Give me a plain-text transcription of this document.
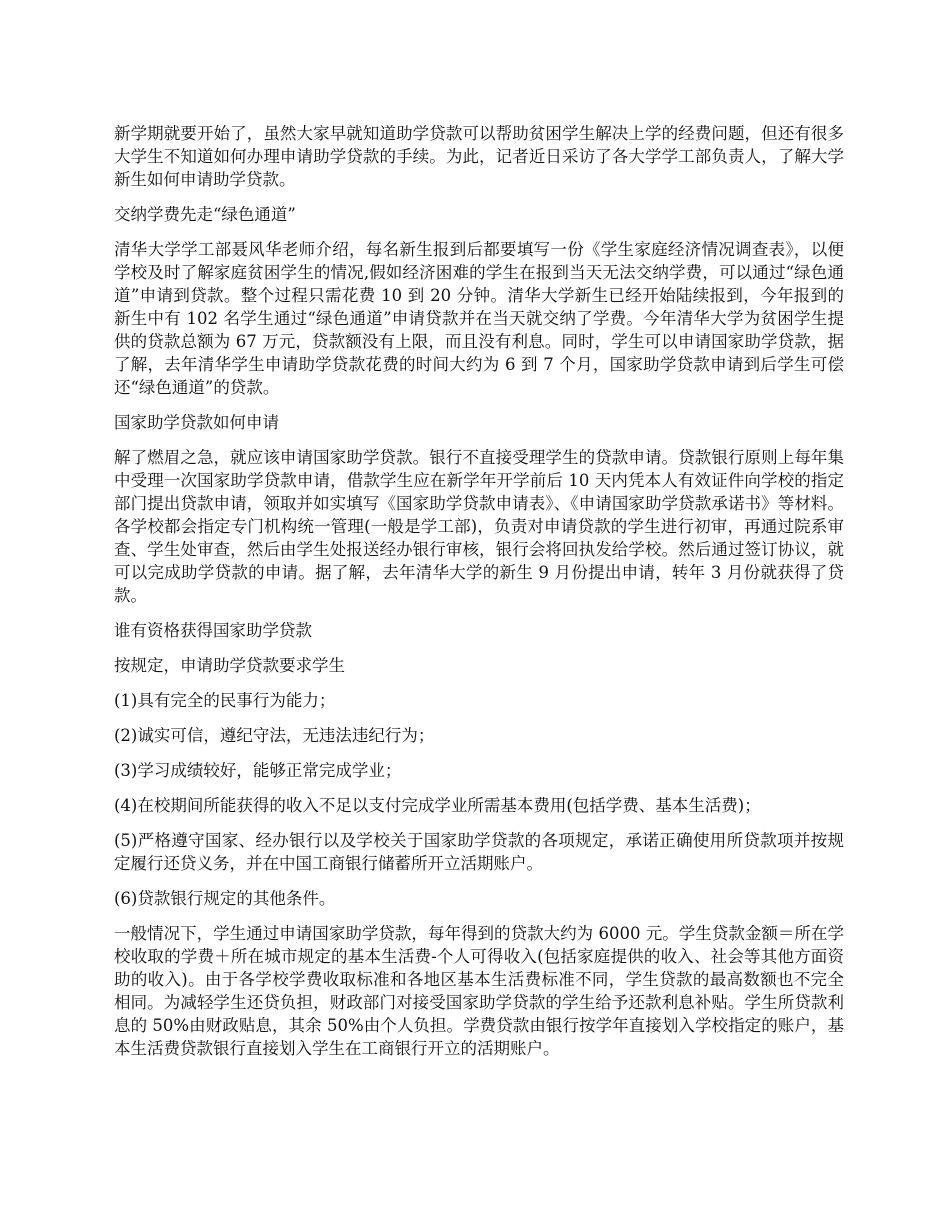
新学期就要开始了，虽然大家早就知道助学贷款可以帮助贫困学生解决上学的经费问题，但还有很多大学生不知道如何办理申请助学贷款的手续。为此，记者近日采访了各大学学工部负责人，了解大学新生如何申请助学贷款。

交纳学费先走“绿色通道”

清华大学学工部聂风华老师介绍，每名新生报到后都要填写一份《学生家庭经济情况调查表》，以便学校及时了解家庭贫困学生的情况,假如经济困难的学生在报到当天无法交纳学费，可以通过“绿色通道”申请到贷款。整个过程只需花费 10 到 20 分钟。清华大学新生已经开始陆续报到，今年报到的新生中有 102 名学生通过“绿色通道”申请贷款并在当天就交纳了学费。今年清华大学为贫困学生提供的贷款总额为 67 万元，贷款额没有上限，而且没有利息。同时，学生可以申请国家助学贷款，据了解，去年清华学生申请助学贷款花费的时间大约为 6 到 7 个月，国家助学贷款申请到后学生可偿还“绿色通道”的贷款。

国家助学贷款如何申请

解了燃眉之急，就应该申请国家助学贷款。银行不直接受理学生的贷款申请。贷款银行原则上每年集中受理一次国家助学贷款申请，借款学生应在新学年开学前后 10 天内凭本人有效证件向学校的指定部门提出贷款申请，领取并如实填写《国家助学贷款申请表》、《申请国家助学贷款承诺书》等材料。各学校都会指定专门机构统一管理(一般是学工部)，负责对申请贷款的学生进行初审，再通过院系审查、学生处审查，然后由学生处报送经办银行审核，银行会将回执发给学校。然后通过签订协议，就可以完成助学贷款的申请。据了解，去年清华大学的新生 9 月份提出申请，转年 3 月份就获得了贷款。

谁有资格获得国家助学贷款

按规定，申请助学贷款要求学生

(1)具有完全的民事行为能力；

(2)诚实可信，遵纪守法，无违法违纪行为；

(3)学习成绩较好，能够正常完成学业；

(4)在校期间所能获得的收入不足以支付完成学业所需基本费用(包括学费、基本生活费)；

(5)严格遵守国家、经办银行以及学校关于国家助学贷款的各项规定，承诺正确使用所贷款项并按规定履行还贷义务，并在中国工商银行储蓄所开立活期账户。

(6)贷款银行规定的其他条件。

一般情况下，学生通过申请国家助学贷款，每年得到的贷款大约为 6000 元。学生贷款金额＝所在学校收取的学费＋所在城市规定的基本生活费-个人可得收入(包括家庭提供的收入、社会等其他方面资助的收入)。由于各学校学费收取标准和各地区基本生活费标准不同，学生贷款的最高数额也不完全相同。为减轻学生还贷负担，财政部门对接受国家助学贷款的学生给予还款利息补贴。学生所贷款利息的 50%由财政贴息，其余 50%由个人负担。学费贷款由银行按学年直接划入学校指定的账户，基本生活费贷款银行直接划入学生在工商银行开立的活期账户。
